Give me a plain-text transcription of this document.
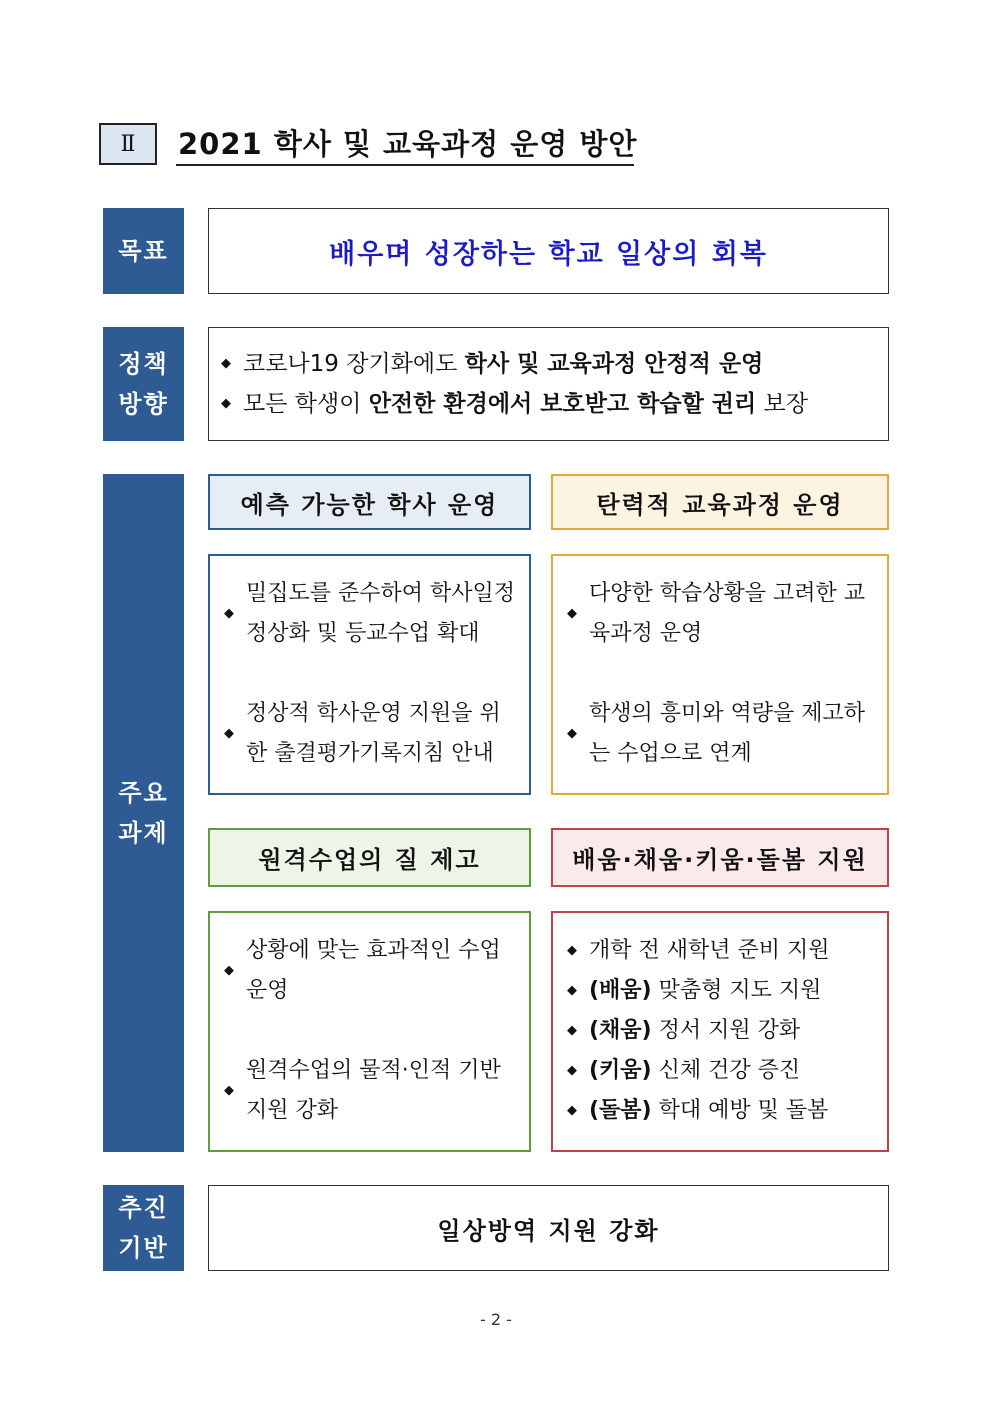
Ⅱ	2021 학사 및 교육과정 운영 방안
목표	배우며 성장하는 학교 일상의 회복
정책
방향
◆ 코로나19 장기화에도 학사 및 교육과정 안정적 운영
◆ 모든 학생이 안전한 환경에서 보호받고 학습할 권리 보장
주요
과제
예측 가능한 학사 운영
◆
밀집도를 준수하여 학사일정 정상화 및 등교수업 확대
◆
정상적 학사운영 지원을 위한 출결평가기록지침 안내
탄력적 교육과정 운영
◆
다양한 학습상황을 고려한 교육과정 운영
◆
학생의 흥미와 역량을 제고하는 수업으로 연계
원격수업의 질 제고
◆
상황에 맞는 효과적인 수업 운영
◆
원격수업의 물적·인적 기반 지원 강화
배움·채움·키움·돌봄 지원
◆ 개학 전 새학년 준비 지원
◆ (배움) 맞춤형 지도 지원
◆ (채움) 정서 지원 강화
◆ (키움) 신체 건강 증진
◆ (돌봄) 학대 예방 및 돌봄
추진
기반
일상방역 지원 강화
- 2 -
